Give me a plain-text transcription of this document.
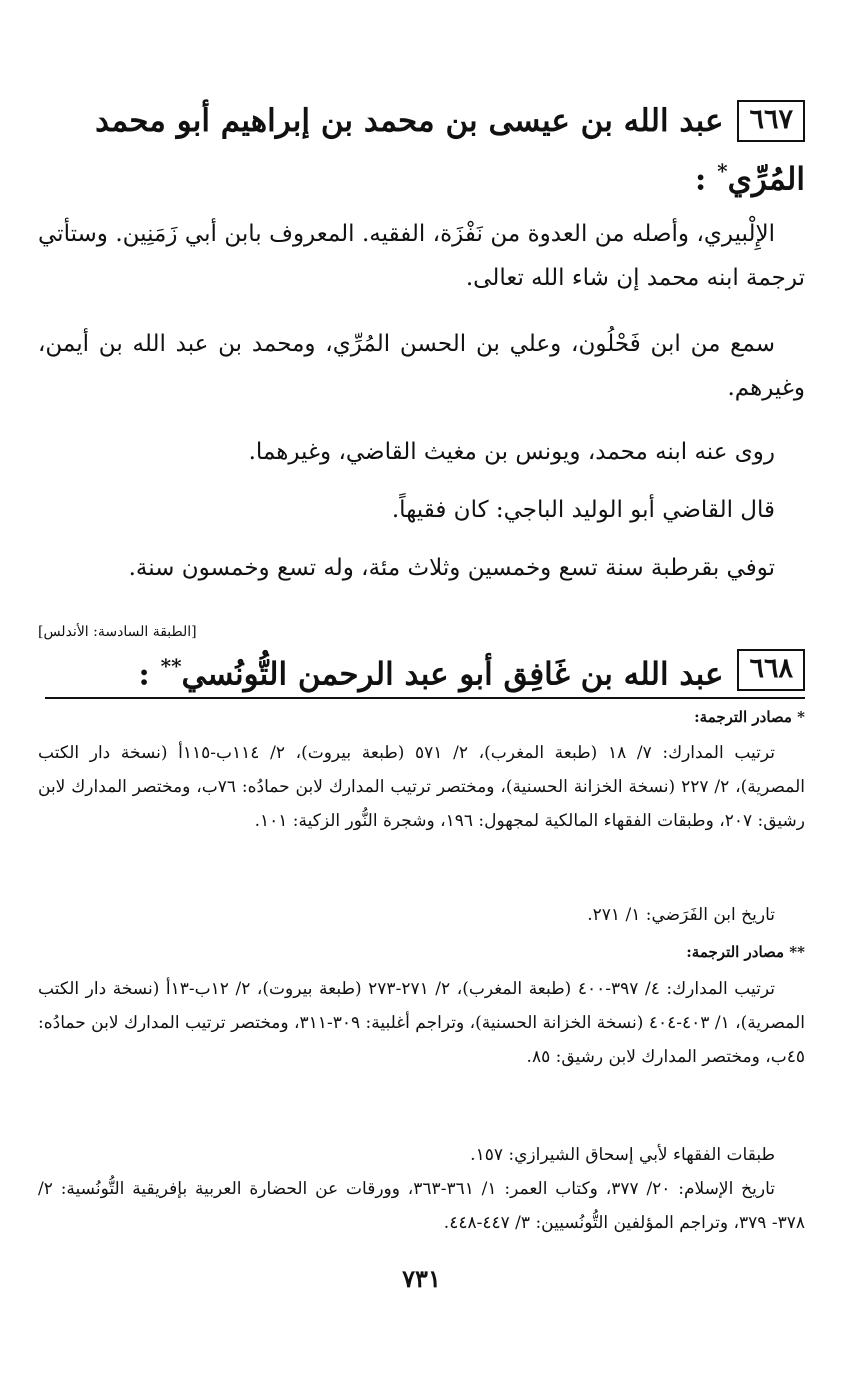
٦٦٧
عبد الله بن عيسى بن محمد بن إبراهيم أبو محمد
المُرِّي* :
الإِلْبيري، وأصله من العدوة من نَفْزَة، الفقيه. المعروف بابن أبي زَمَنِين. وستأتي ترجمة ابنه محمد إن شاء الله تعالى.
سمع من ابن فَحْلُون، وعلي بن الحسن المُرِّي، ومحمد بن عبد الله بن أيمن، وغيرهم.
روى عنه ابنه محمد، ويونس بن مغيث القاضي، وغيرهما.
قال القاضي أبو الوليد الباجي: كان فقيهاً.
توفي بقرطبة سنة تسع وخمسين وثلاث مئة، وله تسع وخمسون سنة.
[الطبقة السادسة: الأندلس]
٦٦٨
عبد الله بن غَافِق أبو عبد الرحمن التُّونُسي** :
* مصادر الترجمة:
ترتيب المدارك: ٧/ ١٨ (طبعة المغرب)، ٢/ ٥٧١ (طبعة بيروت)، ٢/ ١١٤ب-١١٥أ (نسخة دار الكتب المصرية)، ٢/ ٢٢٧ (نسخة الخزانة الحسنية)، ومختصر ترتيب المدارك لابن حمادُه: ٧٦ب، ومختصر المدارك لابن رشيق: ٢٠٧، وطبقات الفقهاء المالكية لمجهول: ١٩٦، وشجرة النُّور الزكية: ١٠١.
تاريخ ابن الفَرَضي: ١/ ٢٧١.
** مصادر الترجمة:
ترتيب المدارك: ٤/ ٣٩٧-٤٠٠ (طبعة المغرب)، ٢/ ٢٧١-٢٧٣ (طبعة بيروت)، ٢/ ١٢ب-١٣أ (نسخة دار الكتب المصرية)، ١/ ٤٠٣-٤٠٤ (نسخة الخزانة الحسنية)، وتراجم أغلبية: ٣٠٩-٣١١، ومختصر ترتيب المدارك لابن حمادُه: ٤٥ب، ومختصر المدارك لابن رشيق: ٨٥.
طبقات الفقهاء لأبي إسحاق الشيرازي: ١٥٧.
تاريخ الإسلام: ٢٠/ ٣٧٧، وكتاب العمر: ١/ ٣٦١-٣٦٣، وورقات عن الحضارة العربية بإفريقية التُّونُسية: ٢/ ٣٧٨- ٣٧٩، وتراجم المؤلفين التُّونُسيين: ٣/ ٤٤٧-٤٤٨.
٧٣١
